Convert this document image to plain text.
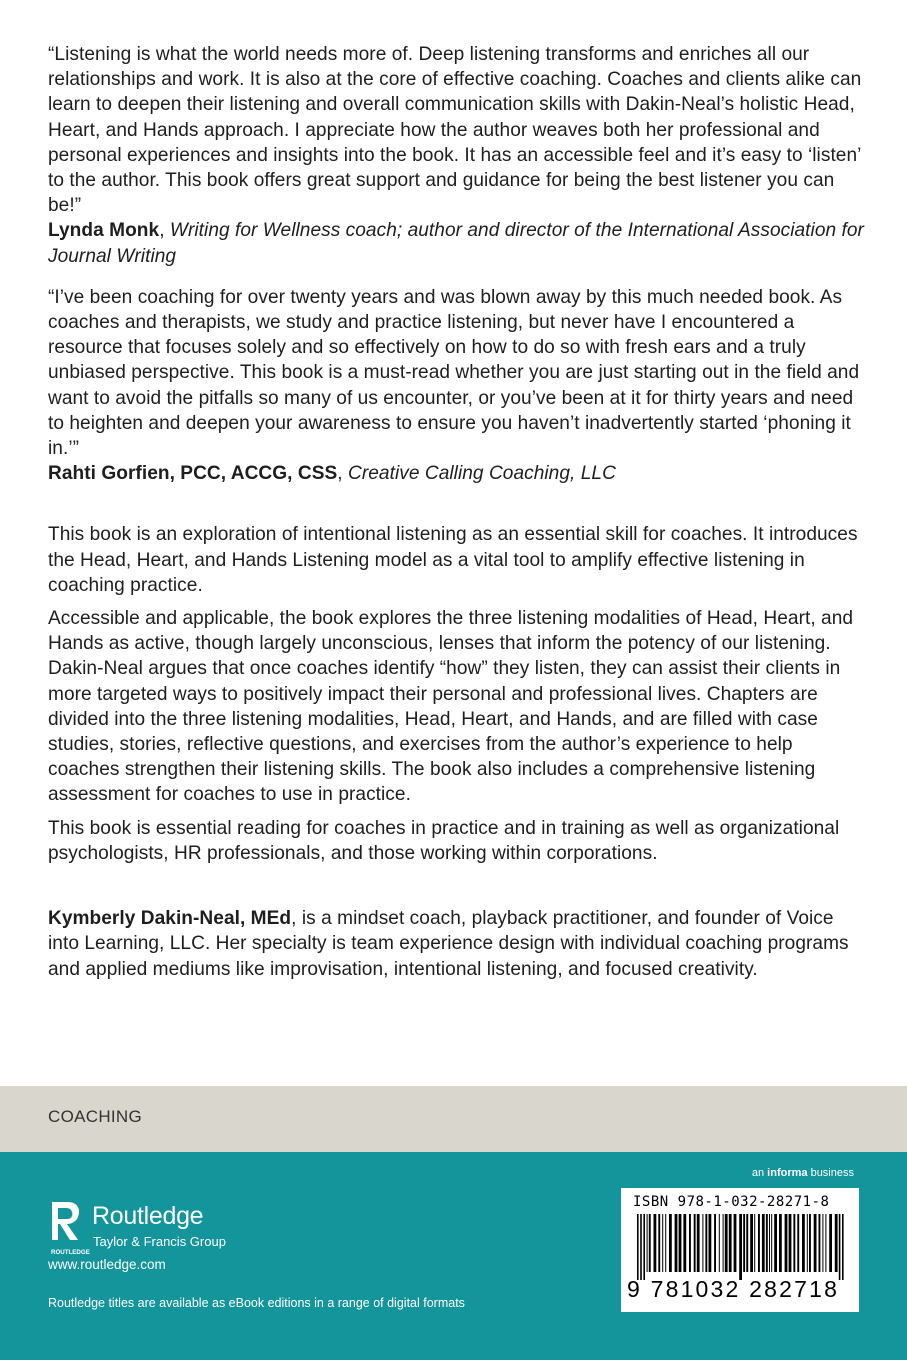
“Listening is what the world needs more of. Deep listening transforms and enriches all our relationships and work. It is also at the core of effective coaching. Coaches and clients alike can learn to deepen their listening and overall communication skills with Dakin-Neal’s holistic Head, Heart, and Hands approach. I appreciate how the author weaves both her professional and personal experiences and insights into the book. It has an accessible feel and it’s easy to ‘listen’ to the author. This book offers great support and guidance for being the best listener you can be!”
Lynda Monk, Writing for Wellness coach; author and director of the International Association for Journal Writing

“I’ve been coaching for over twenty years and was blown away by this much needed book. As coaches and therapists, we study and practice listening, but never have I encountered a resource that focuses solely and so effectively on how to do so with fresh ears and a truly unbiased perspective. This book is a must-read whether you are just starting out in the field and want to avoid the pitfalls so many of us encounter, or you’ve been at it for thirty years and need to heighten and deepen your awareness to ensure you haven’t inadvertently started ‘phoning it in.’”
Rahti Gorfien, PCC, ACCG, CSS, Creative Calling Coaching, LLC

This book is an exploration of intentional listening as an essential skill for coaches. It introduces the Head, Heart, and Hands Listening model as a vital tool to amplify effective listening in coaching practice.

Accessible and applicable, the book explores the three listening modalities of Head, Heart, and Hands as active, though largely unconscious, lenses that inform the potency of our listening. Dakin-Neal argues that once coaches identify “how” they listen, they can assist their clients in more targeted ways to positively impact their personal and professional lives. Chapters are divided into the three listening modalities, Head, Heart, and Hands, and are filled with case studies, stories, reflective questions, and exercises from the author’s experience to help coaches strengthen their listening skills. The book also includes a comprehensive listening assessment for coaches to use in practice.

This book is essential reading for coaches in practice and in training as well as organizational psychologists, HR professionals, and those working within corporations.

Kymberly Dakin-Neal, MEd, is a mindset coach, playback practitioner, and founder of Voice into Learning, LLC. Her specialty is team experience design with individual coaching programs and applied mediums like improvisation, intentional listening, and focused creativity.

COACHING
an informa business
ROUTLEDGE
Routledge
Taylor & Francis Group
www.routledge.com
Routledge titles are available as eBook editions in a range of digital formats
ISBN 978-1-032-28271-8
9 781032 282718
